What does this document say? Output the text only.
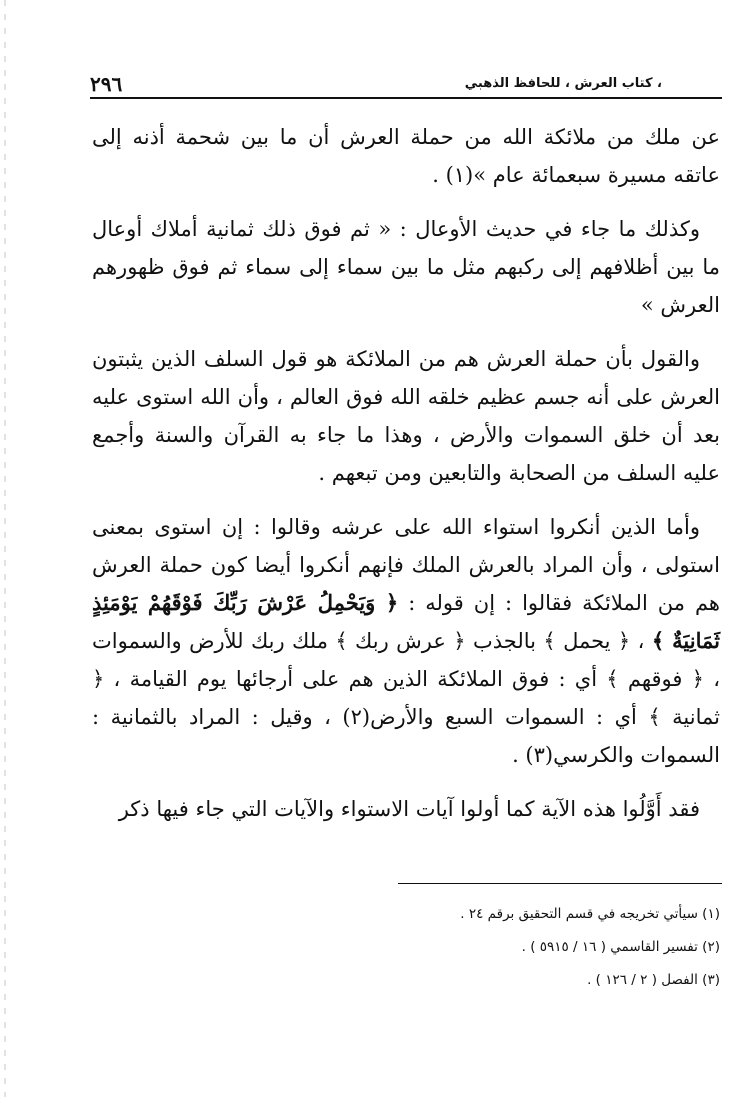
، كتاب العرش ، للحافظ الذهبي
٢٩٦

عن ملك من ملائكة الله من حملة العرش أن ما بين شحمة أذنه إلى عاتقه مسيرة سبعمائة عام »(١) .

وكذلك ما جاء في حديث الأوعال : « ثم فوق ذلك ثمانية أملاك أوعال ما بين أظلافهم إلى ركبهم مثل ما بين سماء إلى سماء ثم فوق ظهورهم العرش »

والقول بأن حملة العرش هم من الملائكة هو قول السلف الذين يثبتون العرش على أنه جسم عظيم خلقه الله فوق العالم ، وأن الله استوى عليه بعد أن خلق السموات والأرض ، وهذا ما جاء به القرآن والسنة وأجمع عليه السلف من الصحابة والتابعين ومن تبعهم .

وأما الذين أنكروا استواء الله على عرشه وقالوا : إن استوى بمعنى استولى ، وأن المراد بالعرش الملك فإنهم أنكروا أيضا كون حملة العرش هم من الملائكة فقالوا : إن قوله : ﴿ وَيَحْمِلُ عَرْشَ رَبِّكَ فَوْقَهُمْ يَوْمَئِذٍ ثَمَانِيَةٌ ﴾ ، ﴿ يحمل ﴾ بالجذب ﴿ عرش ربك ﴾ ملك ربك للأرض والسموات ، ﴿ فوقهم ﴾ أي : فوق الملائكة الذين هم على أرجائها يوم القيامة ، ﴿ ثمانية ﴾ أي : السموات السبع والأرض(٢) ، وقيل : المراد بالثمانية : السموات والكرسي(٣) .

فقد أَوَّلُوا هذه الآية كما أولوا آيات الاستواء والآيات التي جاء فيها ذكر

(١) سيأتي تخريجه في قسم التحقيق برقم ٢٤ .

(٢) تفسير القاسمي ( ١٦ / ٥٩١٥ ) .

(٣) الفصل ( ٢ / ١٢٦ ) .
